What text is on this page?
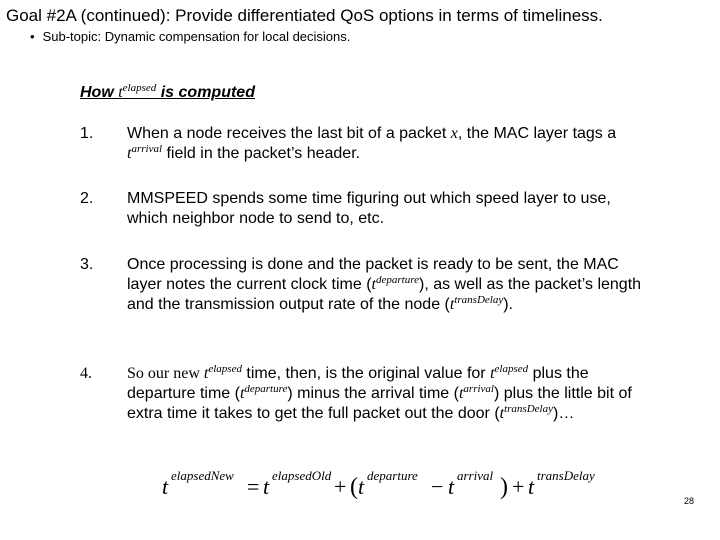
Goal #2A (continued): Provide differentiated QoS options in terms of timeliness.
• Sub-topic: Dynamic compensation for local decisions.
How $t^{elapsed}$ is computed
1. When a node receives the last bit of a packet x, the MAC layer tags a $t^{arrival}$ field in the packet’s header.
2. MMSPEED spends some time figuring out which speed layer to use, which neighbor node to send to, etc.
3. Once processing is done and the packet is ready to be sent, the MAC layer notes the current clock time $(t^{departure})$, as well as the packet’s length and the transmission output rate of the node $(t^{transDelay})$.
4. So our new $t^{elapsed}$ time, then, is the original value for $t^{elapsed}$ plus the departure time $(t^{departure})$ minus the arrival time $(t^{arrival})$ plus the little bit of extra time it takes to get the full packet out the door $(t^{transDelay})\dots$
t elapsedNew = t elapsedOld + ( t departure − t arrival ) + t transDelay
28
